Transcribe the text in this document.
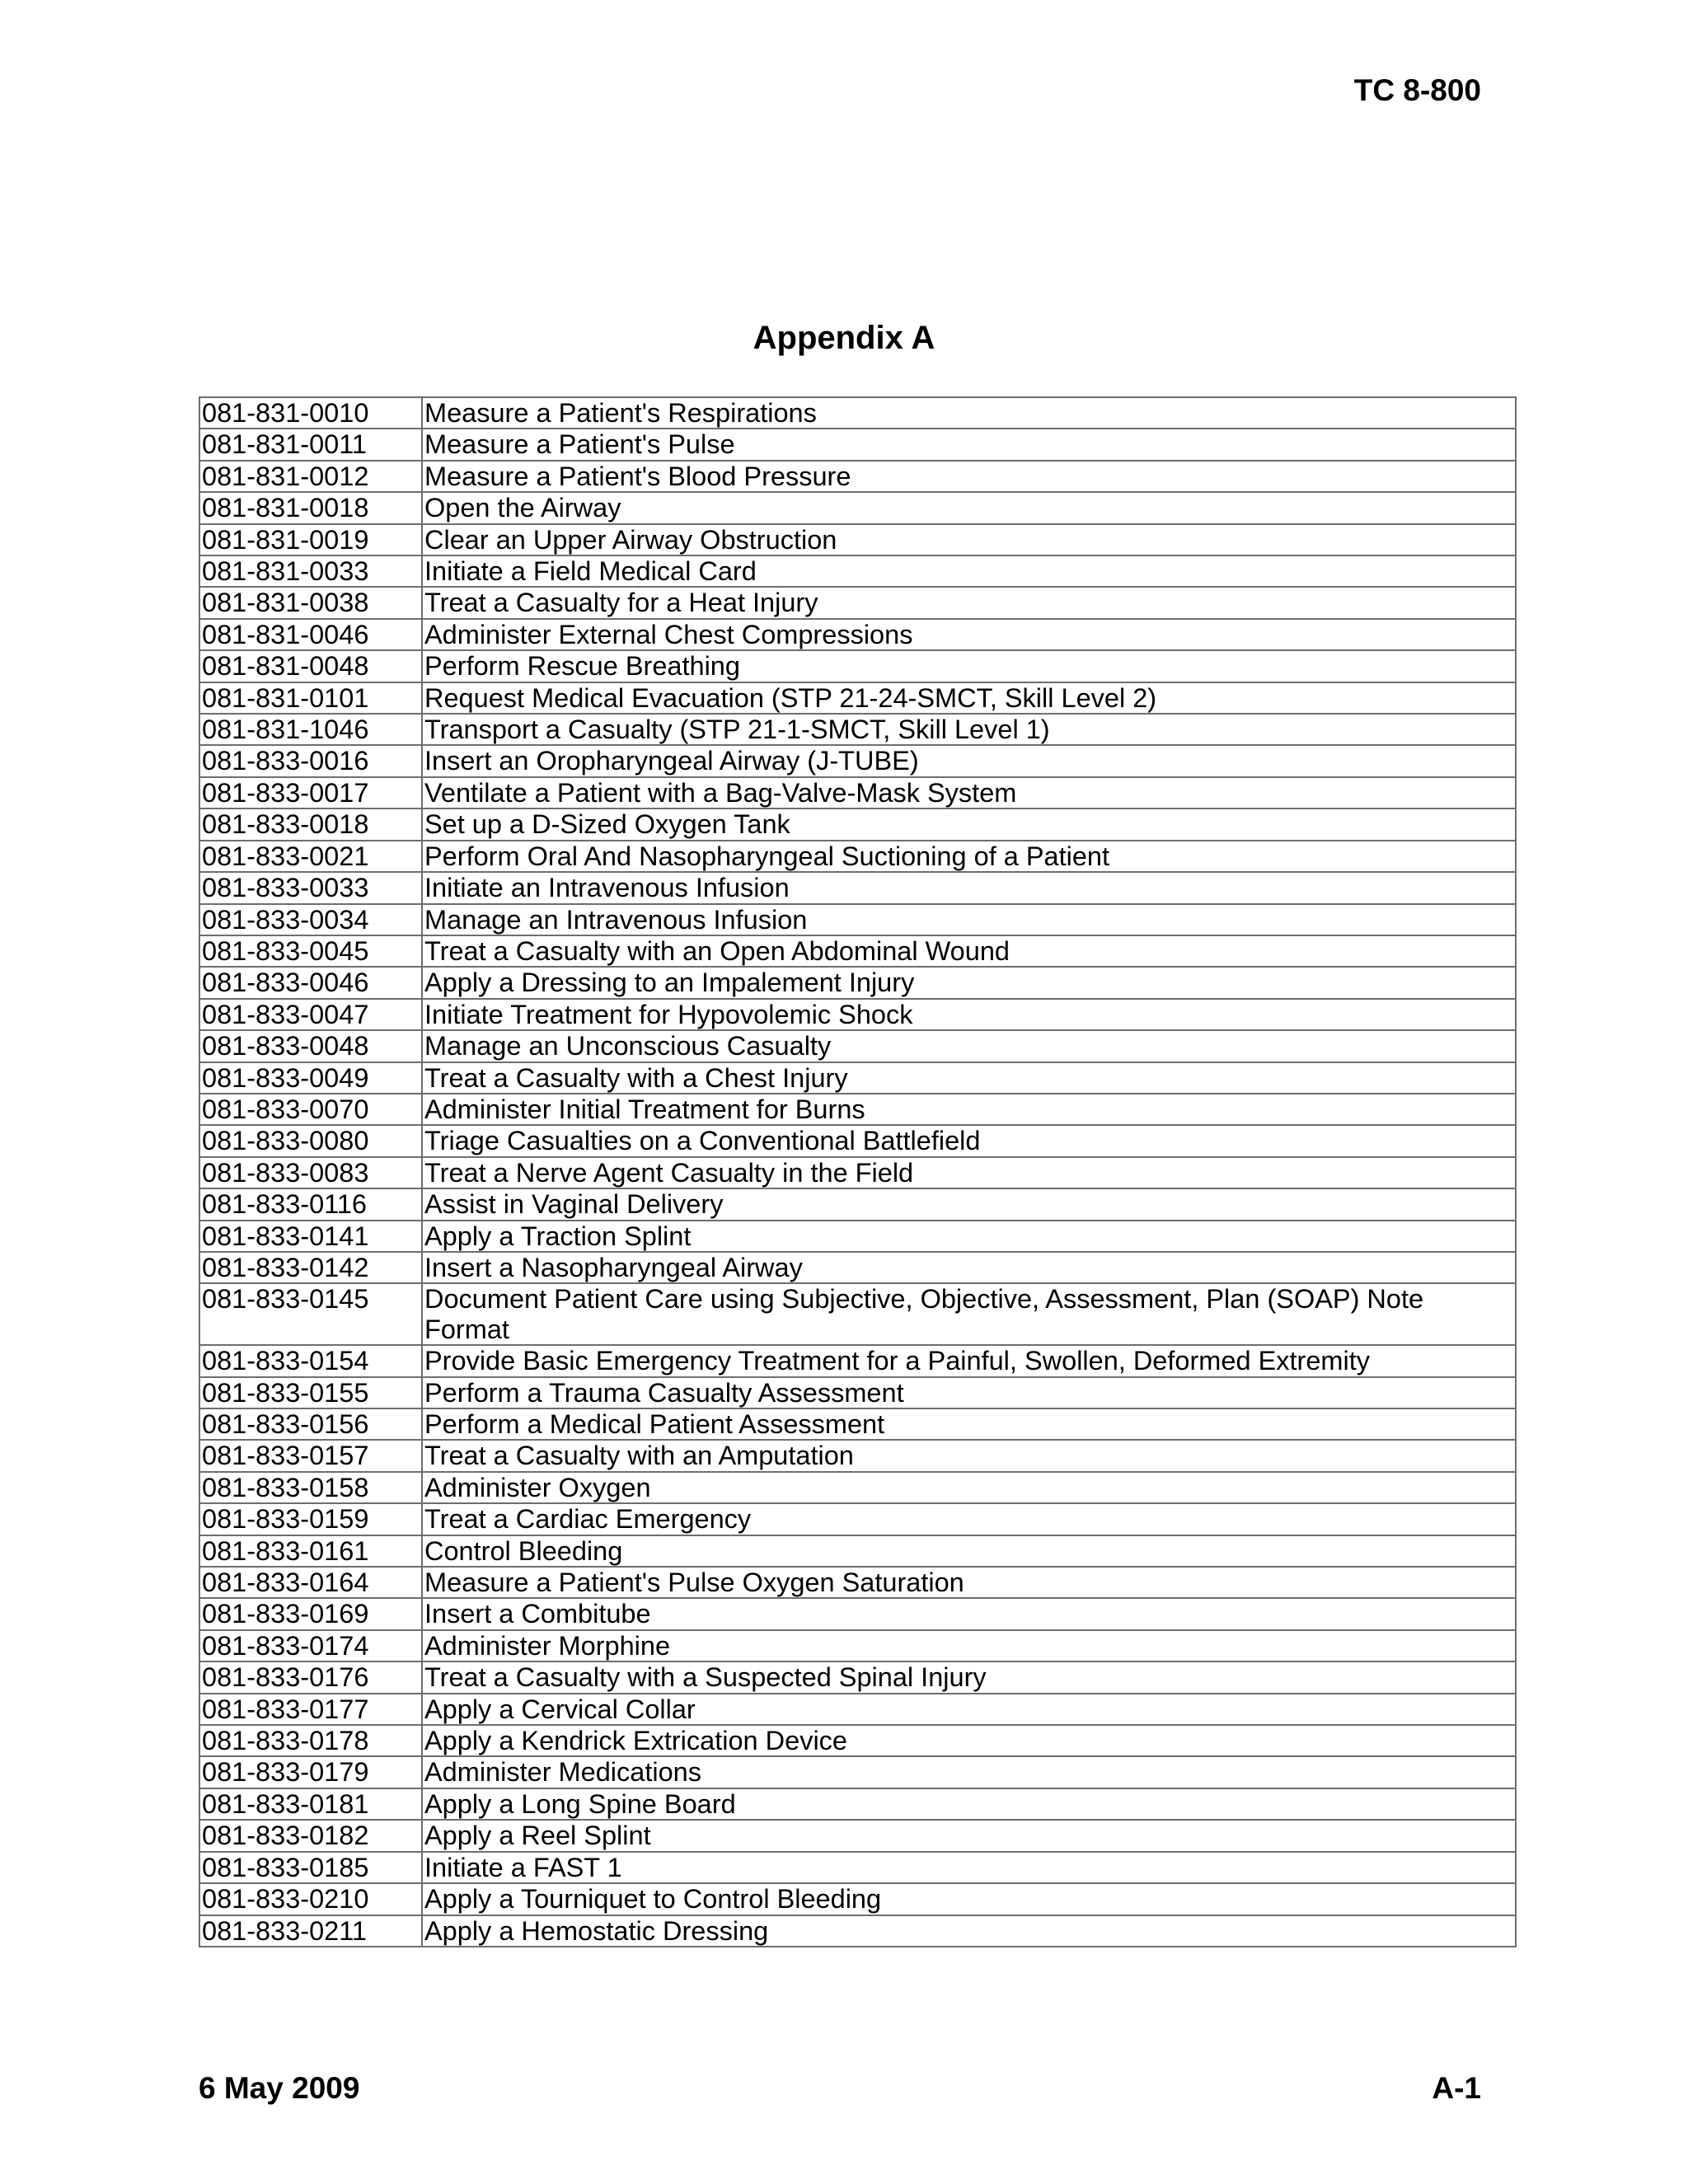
TC 8-800
Appendix A
081-831-0010	Measure a Patient's Respirations
081-831-0011	Measure a Patient's Pulse
081-831-0012	Measure a Patient's Blood Pressure
081-831-0018	Open the Airway
081-831-0019	Clear an Upper Airway Obstruction
081-831-0033	Initiate a Field Medical Card
081-831-0038	Treat a Casualty for a Heat Injury
081-831-0046	Administer External Chest Compressions
081-831-0048	Perform Rescue Breathing
081-831-0101	Request Medical Evacuation (STP 21-24-SMCT, Skill Level 2)
081-831-1046	Transport a Casualty (STP 21-1-SMCT, Skill Level 1)
081-833-0016	Insert an Oropharyngeal Airway (J-TUBE)
081-833-0017	Ventilate a Patient with a Bag-Valve-Mask System
081-833-0018	Set up a D-Sized Oxygen Tank
081-833-0021	Perform Oral And Nasopharyngeal Suctioning of a Patient
081-833-0033	Initiate an Intravenous Infusion
081-833-0034	Manage an Intravenous Infusion
081-833-0045	Treat a Casualty with an Open Abdominal Wound
081-833-0046	Apply a Dressing to an Impalement Injury
081-833-0047	Initiate Treatment for Hypovolemic Shock
081-833-0048	Manage an Unconscious Casualty
081-833-0049	Treat a Casualty with a Chest Injury
081-833-0070	Administer Initial Treatment for Burns
081-833-0080	Triage Casualties on a Conventional Battlefield
081-833-0083	Treat a Nerve Agent Casualty in the Field
081-833-0116	Assist in Vaginal Delivery
081-833-0141	Apply a Traction Splint
081-833-0142	Insert a Nasopharyngeal Airway
081-833-0145	Document Patient Care using Subjective, Objective, Assessment, Plan (SOAP) Note Format
081-833-0154	Provide Basic Emergency Treatment for a Painful, Swollen, Deformed Extremity
081-833-0155	Perform a Trauma Casualty Assessment
081-833-0156	Perform a Medical Patient Assessment
081-833-0157	Treat a Casualty with an Amputation
081-833-0158	Administer Oxygen
081-833-0159	Treat a Cardiac Emergency
081-833-0161	Control Bleeding
081-833-0164	Measure a Patient's Pulse Oxygen Saturation
081-833-0169	Insert a Combitube
081-833-0174	Administer Morphine
081-833-0176	Treat a Casualty with a Suspected Spinal Injury
081-833-0177	Apply a Cervical Collar
081-833-0178	Apply a Kendrick Extrication Device
081-833-0179	Administer Medications
081-833-0181	Apply a Long Spine Board
081-833-0182	Apply a Reel Splint
081-833-0185	Initiate a FAST 1
081-833-0210	Apply a Tourniquet to Control Bleeding
081-833-0211	Apply a Hemostatic Dressing
6 May 2009	A-1
